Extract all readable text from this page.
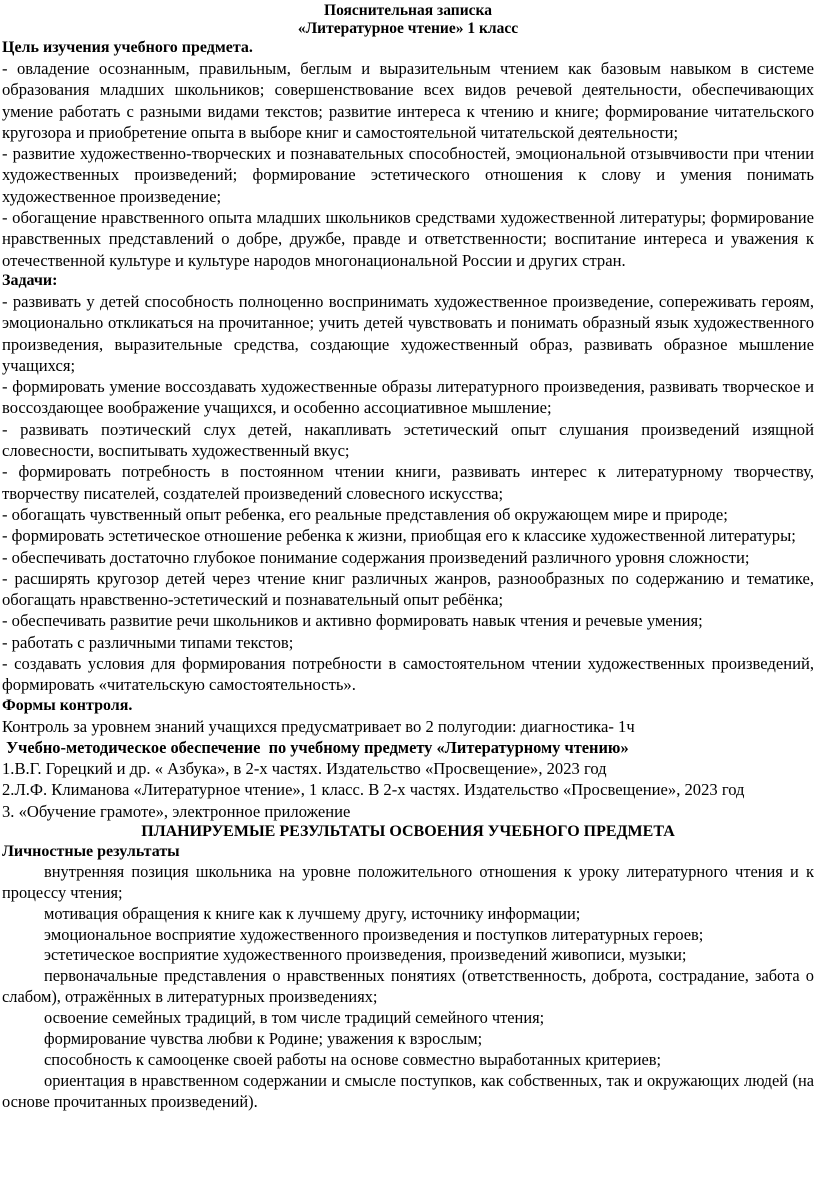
Пояснительная записка
«Литературное чтение» 1 класс
Цель изучения учебного предмета.

- овладение осознанным, правильным, беглым и выразительным чтением как базовым навыком в системе образования младших школьников; совершенствование всех видов речевой деятельности, обеспечивающих умение работать с разными видами текстов; развитие интереса к чтению и книге; формирование читательского кругозора и приобретение опыта в выборе книг и самостоятельной читательской деятельности;

- развитие художественно-творческих и познавательных способностей, эмоциональной отзывчивости при чтении художественных произведений; формирование эстетического отношения к слову и умения понимать художественное произведение;

- обогащение нравственного опыта младших школьников средствами художественной литературы; формирование нравственных представлений о добре, дружбе, правде и ответственности; воспитание интереса и уважения к отечественной культуре и культуре народов многонациональной России и других стран.

Задачи:

- развивать у детей способность полноценно воспринимать художественное произведение, сопереживать героям, эмоционально откликаться на прочитанное; учить детей чувствовать и понимать образный язык художественного произведения, выразительные средства, создающие художественный образ, развивать образное мышление учащихся;

- формировать умение воссоздавать художественные образы литературного произведения, развивать творческое и воссоздающее воображение учащихся, и особенно ассоциативное мышление;

- развивать поэтический слух детей, накапливать эстетический опыт слушания произведений изящной словесности, воспитывать художественный вкус;

- формировать потребность в постоянном чтении книги, развивать интерес к литературному творчеству, творчеству писателей, создателей произведений словесного искусства;

- обогащать чувственный опыт ребенка, его реальные представления об окружающем мире и природе;

- формировать эстетическое отношение ребенка к жизни, приобщая его к классике художественной литературы;

- обеспечивать достаточно глубокое понимание содержания произведений различного уровня сложности;

- расширять кругозор детей через чтение книг различных жанров, разнообразных по содержанию и тематике, обогащать нравственно-эстетический и познавательный опыт ребёнка;

- обеспечивать развитие речи школьников и активно формировать навык чтения и речевые умения;

- работать с различными типами текстов;

- создавать условия для формирования потребности в самостоятельном чтении художественных произведений, формировать «читательскую самостоятельность».

Формы контроля.

Контроль за уровнем знаний учащихся предусматривает во 2 полугодии: диагностика- 1ч

Учебно-методическое обеспечение  по учебному предмету «Литературному чтению»

1.В.Г. Горецкий и др. « Азбука», в 2-х частях. Издательство «Просвещение», 2023 год

2.Л.Ф. Климанова «Литературное чтение», 1 класс. В 2-х частях. Издательство «Просвещение», 2023 год

3. «Обучение грамоте», электронное приложение

ПЛАНИРУЕМЫЕ РЕЗУЛЬТАТЫ ОСВОЕНИЯ УЧЕБНОГО ПРЕДМЕТА
Личностные результаты

внутренняя позиция школьника на уровне положительного отношения к уроку литературного чтения и к процессу чтения;

мотивация обращения к книге как к лучшему другу, источнику информации;

эмоциональное восприятие художественного произведения и поступков литературных героев;

эстетическое восприятие художественного произведения, произведений живописи, музыки;

первоначальные представления о нравственных понятиях (ответственность, доброта, сострадание, забота о слабом), отражённых в литературных произведениях;

освоение семейных традиций, в том числе традиций семейного чтения;

формирование чувства любви к Родине; уважения к взрослым;

способность к самооценке своей работы на основе совместно выработанных критериев;

ориентация в нравственном содержании и смысле поступков, как собственных, так и окружающих людей (на основе прочитанных произведений).
